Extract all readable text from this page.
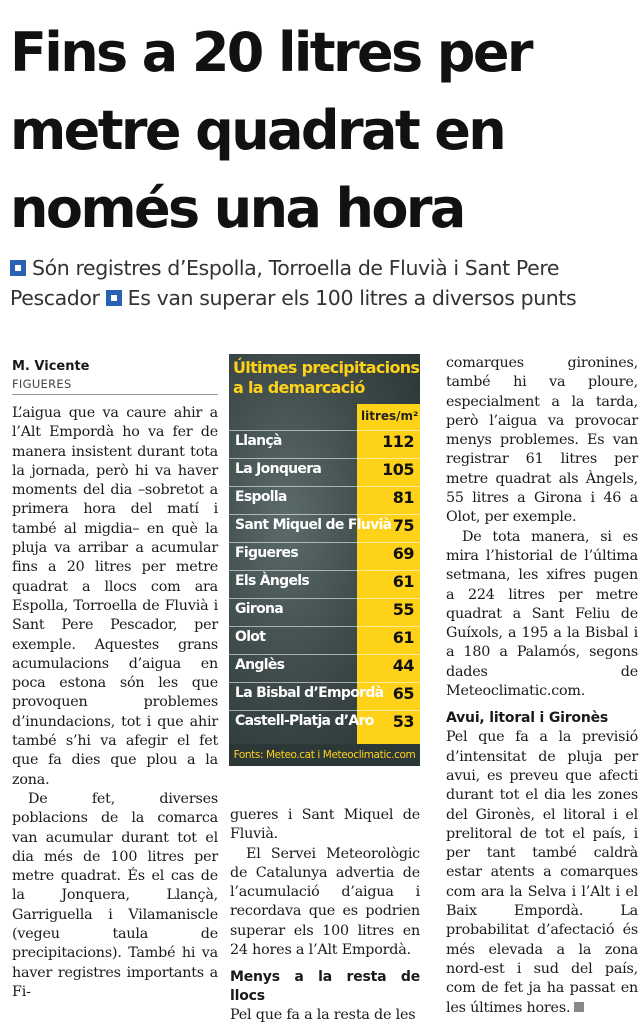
Fins a 20 litres per
metre quadrat en
només una hora
Són registres d’Espolla, Torroella de Fluvià i Sant Pere
Pescador Es van superar els 100 litres a diversos punts
M. Vicente
FIGUERES

L’aigua que va caure ahir a l’Alt Empordà ho va fer de manera insistent durant tota la jornada, però hi va haver moments del dia –sobretot a primera hora del matí i també al migdia– en què la pluja va arribar a acumular fins a 20 litres per metre quadrat a llocs com ara Espolla, Torroella de Fluvià i Sant Pere Pescador, per exemple. Aquestes grans acumulacions d’aigua en poca estona són les que provoquen problemes d’inundacions, tot i que ahir també s’hi va afegir el fet que fa dies que plou a la zona.

De fet, diverses poblacions de la comarca van acumular durant tot el dia més de 100 litres per metre quadrat. És el cas de la Jonquera, Llançà, Garriguella i Vilamaniscle (vegeu taula de precipitacions). També hi va haver registres importants a Fi-

Últimes precipitacions
a la demarcació
litres/m²
Llançà	112
La Jonquera	105
Espolla	81
Sant Miquel de Fluvià 75
Figueres	69
Els Àngels	61
Girona	55
Olot	61
Anglès	44
La Bisbal d’Empordà 65
Castell-Platja d’Aro 53
Fonts: Meteo.cat i Meteoclimatic.com

gueres i Sant Miquel de Fluvià.

El Servei Meteorològic de Catalunya advertia de l’acumulació d’aigua i recordava que es podrien superar els 100 litres en 24 hores a l’Alt Empordà.

Menys a la resta de llocs

Pel que fa a la resta de les

comarques gironines, també hi va ploure, especialment a la tarda, però l’aigua va provocar menys problemes. Es van registrar 61 litres per metre quadrat als Àngels, 55 litres a Girona i 46 a Olot, per exemple.

De tota manera, si es mira l’historial de l’última setmana, les xifres pugen a 224 litres per metre quadrat a Sant Feliu de Guíxols, a 195 a la Bisbal i a 180 a Palamós, segons dades de Meteoclimatic.com.

Avui, litoral i Gironès

Pel que fa a la previsió d’intensitat de pluja per avui, es preveu que afecti durant tot el dia les zones del Gironès, el litoral i el prelitoral de tot el país, i per tant també caldrà estar atents a comarques com ara la Selva i l’Alt i el Baix Empordà. La probabilitat d’afectació és més elevada a la zona nord-est i sud del país, com de fet ja ha passat en les últimes hores.
